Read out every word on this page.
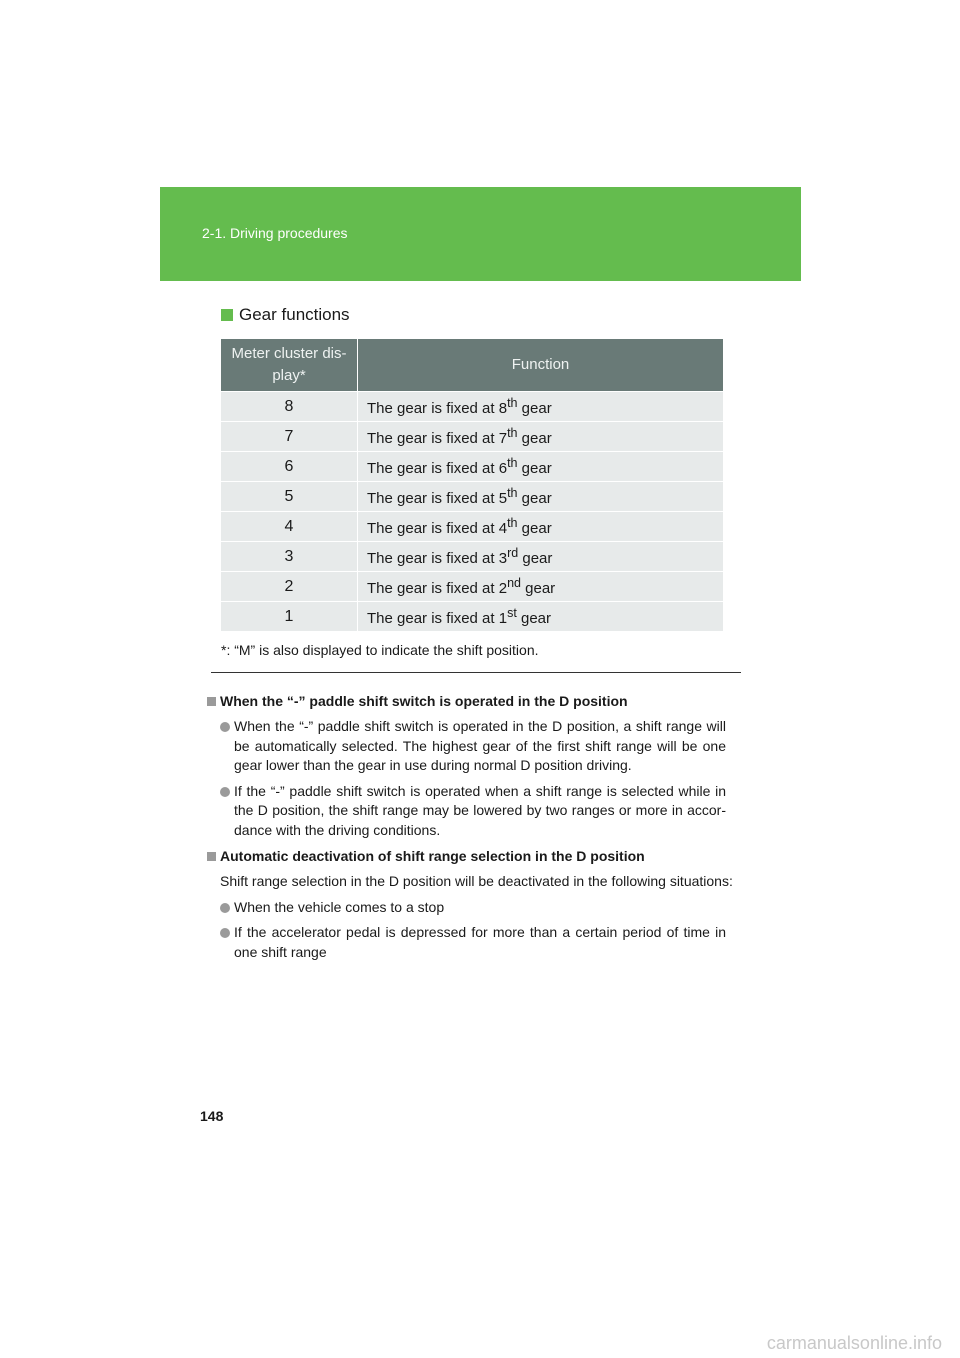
2-1. Driving procedures
Gear functions
Meter cluster dis-play*	Function
8	The gear is fixed at 8th gear
7	The gear is fixed at 7th gear
6	The gear is fixed at 6th gear
5	The gear is fixed at 5th gear
4	The gear is fixed at 4th gear
3	The gear is fixed at 3rd gear
2	The gear is fixed at 2nd gear
1	The gear is fixed at 1st gear
*: “M” is also displayed to indicate the shift position.
When the “-” paddle shift switch is operated in the D position
When the “-” paddle shift switch is operated in the D position, a shift range will be automatically selected. The highest gear of the first shift range will be one gear lower than the gear in use during normal D position driving.
If the “-” paddle shift switch is operated when a shift range is selected while in the D position, the shift range may be lowered by two ranges or more in accor-dance with the driving conditions.
Automatic deactivation of shift range selection in the D position
Shift range selection in the D position will be deactivated in the following situations:
When the vehicle comes to a stop
If the accelerator pedal is depressed for more than a certain period of time in one shift range
148
carmanualsonline.info
